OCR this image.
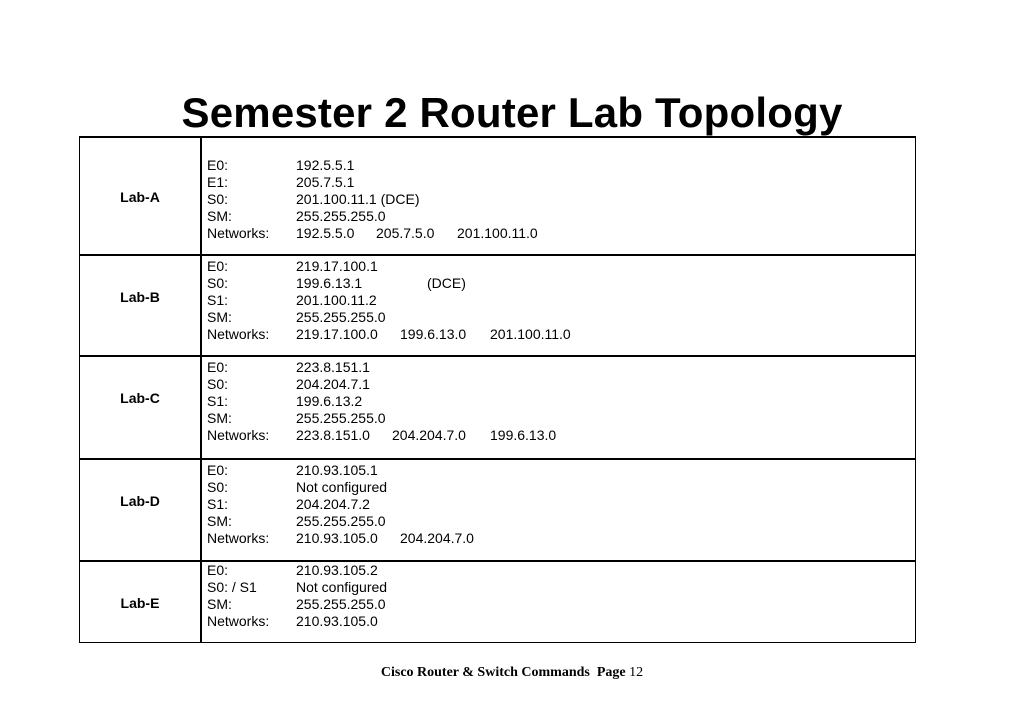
Semester 2 Router Lab Topology
Lab-A
E0:	192.5.5.1
E1:	205.7.5.1
S0:	201.100.11.1 (DCE)
SM:	255.255.255.0
Networks: 192.5.5.0 205.7.5.0 201.100.11.0
Lab-B
E0:	219.17.100.1
S0:	199.6.13.1	(DCE)
S1:	201.100.11.2
SM:	255.255.255.0
Networks: 219.17.100.0 199.6.13.0 201.100.11.0
Lab-C
E0:	223.8.151.1
S0:	204.204.7.1
S1:	199.6.13.2
SM:	255.255.255.0
Networks: 223.8.151.0 204.204.7.0 199.6.13.0
Lab-D
E0:	210.93.105.1
S0:	Not configured
S1:	204.204.7.2
SM:	255.255.255.0
Networks: 210.93.105.0 204.204.7.0
Lab-E
E0:	210.93.105.2
S0: / S1	Not configured
SM:	255.255.255.0
Networks: 210.93.105.0
Cisco Router & Switch Commands Page 12
